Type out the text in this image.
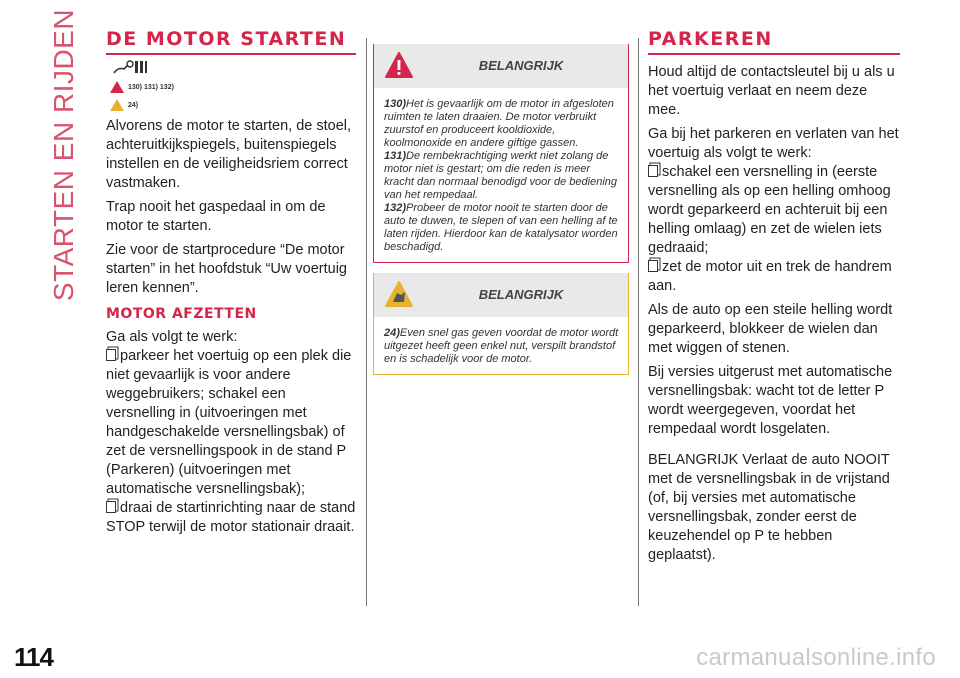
STARTEN EN RIJDEN
114	carmanualsonline.info
DE MOTOR STARTEN
130) 131) 132)
24)

Alvorens de motor te starten, de stoel, achteruitkijkspiegels, buitenspiegels instellen en de veiligheidsriem correct vastmaken.

Trap nooit het gaspedaal in om de motor te starten.

Zie voor de startprocedure “De motor starten” in het hoofdstuk “Uw voertuig leren kennen”.

MOTOR AFZETTEN

Ga als volgt te werk:

parkeer het voertuig op een plek die niet gevaarlijk is voor andere weggebruikers; schakel een versnelling in (uitvoeringen met handgeschakelde versnellingsbak) of zet de versnellingspook in de stand P (Parkeren) (uitvoeringen met automatische versnellingsbak);

draai de startinrichting naar de stand STOP terwijl de motor stationair draait.

BELANGRIJK
130)Het is gevaarlijk om de motor in afgesloten ruimten te laten draaien. De motor verbruikt zuurstof en produceert kooldioxide, koolmonoxide en andere giftige gassen.
131)De rembekrachtiging werkt niet zolang de motor niet is gestart; om die reden is meer kracht dan normaal benodigd voor de bediening van het rempedaal.
132)Probeer de motor nooit te starten door de auto te duwen, te slepen of van een helling af te laten rijden. Hierdoor kan de katalysator worden beschadigd.
BELANGRIJK
24)Even snel gas geven voordat de motor wordt uitgezet heeft geen enkel nut, verspilt brandstof en is schadelijk voor de motor.
PARKEREN

Houd altijd de contactsleutel bij u als u het voertuig verlaat en neem deze mee.

Ga bij het parkeren en verlaten van het voertuig als volgt te werk:

schakel een versnelling in (eerste versnelling als op een helling omhoog wordt geparkeerd en achteruit bij een helling omlaag) en zet de wielen iets gedraaid;

zet de motor uit en trek de handrem aan.

Als de auto op een steile helling wordt geparkeerd, blokkeer de wielen dan met wiggen of stenen.

Bij versies uitgerust met automatische versnellingsbak: wacht tot de letter P wordt weergegeven, voordat het rempedaal wordt losgelaten.

BELANGRIJK Verlaat de auto NOOIT met de versnellingsbak in de vrijstand (of, bij versies met automatische versnellingsbak, zonder eerst de keuzehendel op P te hebben geplaatst).
